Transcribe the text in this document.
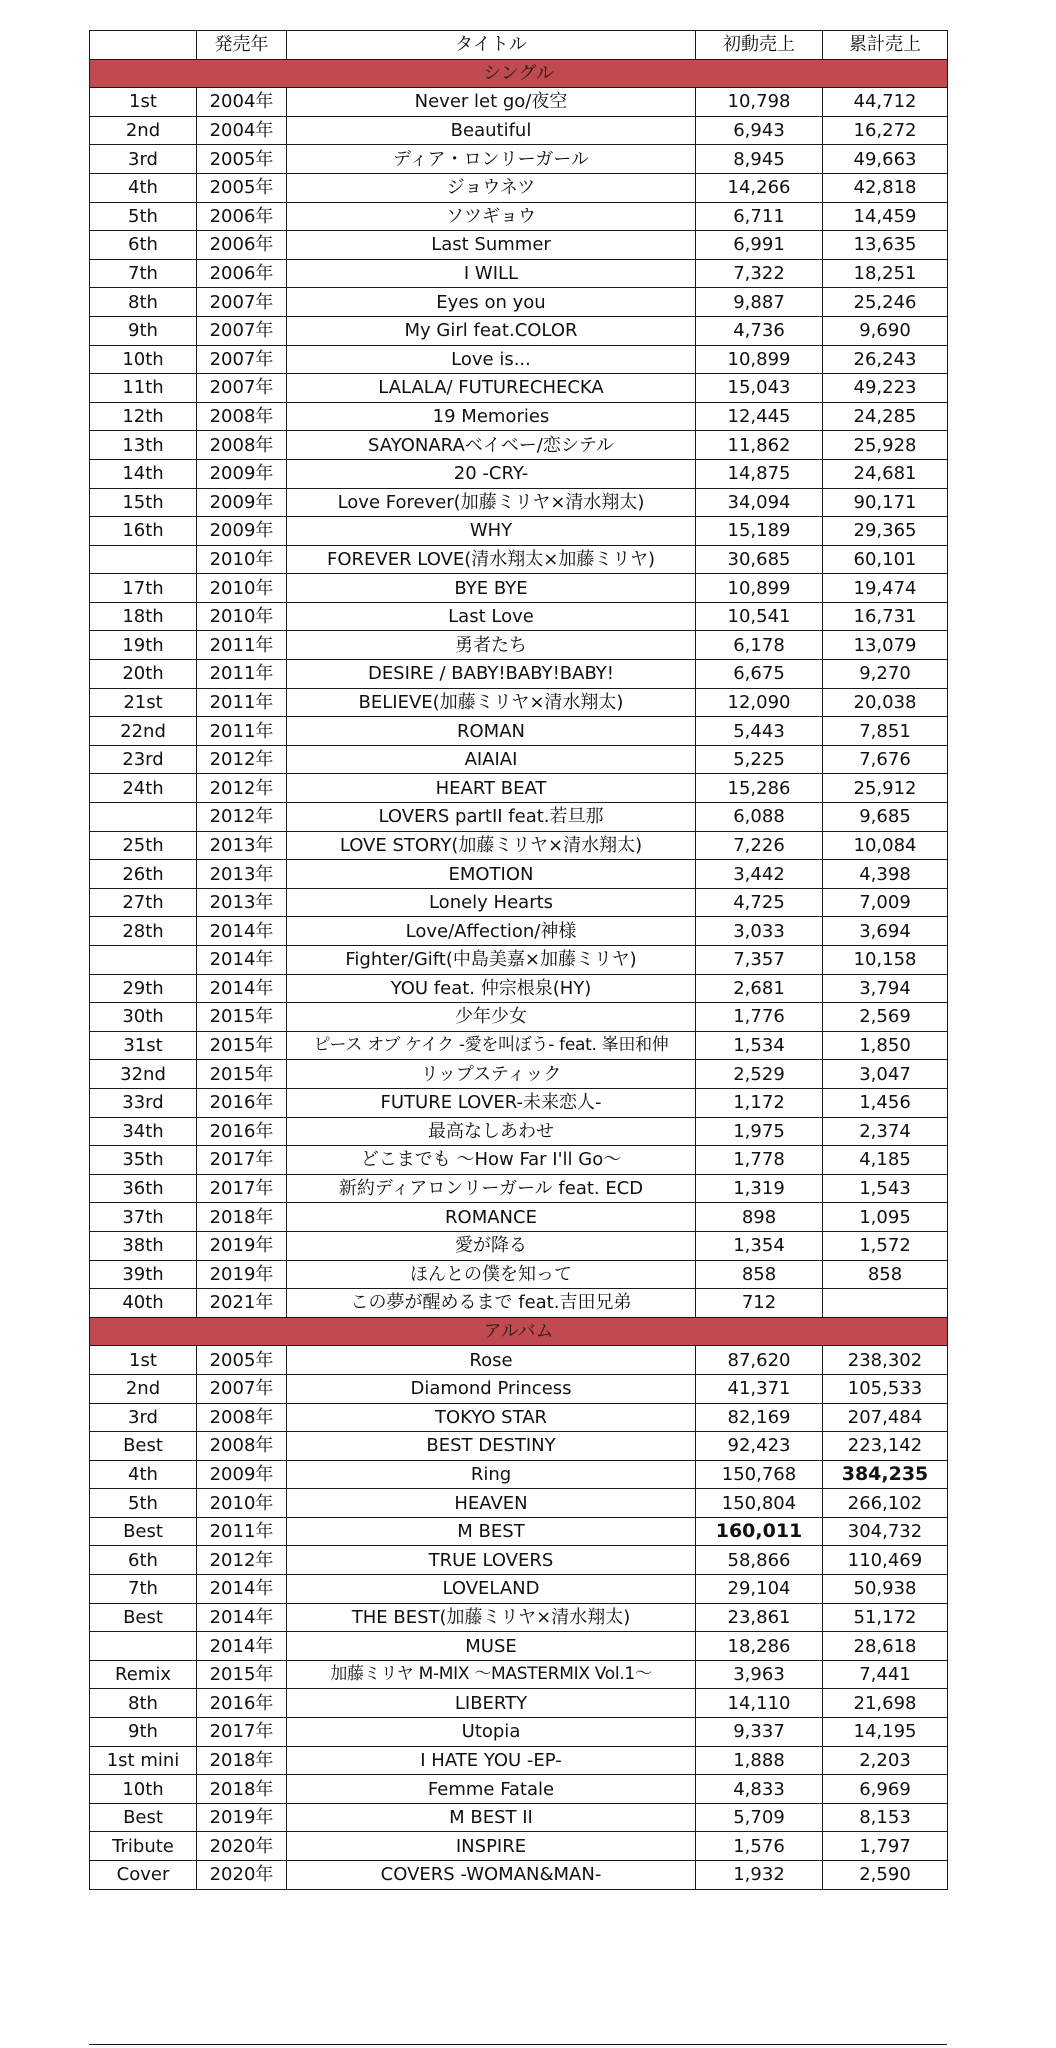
	発売年	タイトル	初動売上	累計売上
シングル				
1st	2004年	Never let go/夜空	10,798	44,712
2nd	2004年	Beautiful	6,943	16,272
3rd	2005年	ディア・ロンリーガール	8,945	49,663
4th	2005年	ジョウネツ	14,266	42,818
5th	2006年	ソツギョウ	6,711	14,459
6th	2006年	Last Summer	6,991	13,635
7th	2006年	I WILL	7,322	18,251
8th	2007年	Eyes on you	9,887	25,246
9th	2007年	My Girl feat.COLOR	4,736	9,690
10th	2007年	Love is...	10,899	26,243
11th	2007年	LALALA/ FUTURECHECKA	15,043	49,223
12th	2008年	19 Memories	12,445	24,285
13th	2008年	SAYONARAベイベー/恋シテル	11,862	25,928
14th	2009年	20 -CRY-	14,875	24,681
15th	2009年	Love Forever(加藤ミリヤ×清水翔太)	34,094	90,171
16th	2009年	WHY	15,189	29,365
	2010年	FOREVER LOVE(清水翔太×加藤ミリヤ)	30,685	60,101
17th	2010年	BYE BYE	10,899	19,474
18th	2010年	Last Love	10,541	16,731
19th	2011年	勇者たち	6,178	13,079
20th	2011年	DESIRE / BABY!BABY!BABY!	6,675	9,270
21st	2011年	BELIEVE(加藤ミリヤ×清水翔太)	12,090	20,038
22nd	2011年	ROMAN	5,443	7,851
23rd	2012年	AIAIAI	5,225	7,676
24th	2012年	HEART BEAT	15,286	25,912
	2012年	LOVERS partII feat.若旦那	6,088	9,685
25th	2013年	LOVE STORY(加藤ミリヤ×清水翔太)	7,226	10,084
26th	2013年	EMOTION	3,442	4,398
27th	2013年	Lonely Hearts	4,725	7,009
28th	2014年	Love/Affection/神様	3,033	3,694
	2014年	Fighter/Gift(中島美嘉×加藤ミリヤ)	7,357	10,158
29th	2014年	YOU feat. 仲宗根泉(HY)	2,681	3,794
30th	2015年	少年少女	1,776	2,569
31st	2015年	ピース オブ ケイク -愛を叫ぼう- feat. 峯田和伸	1,534	1,850
32nd	2015年	リップスティック	2,529	3,047
33rd	2016年	FUTURE LOVER-未来恋人-	1,172	1,456
34th	2016年	最高なしあわせ	1,975	2,374
35th	2017年	どこまでも 〜How Far I'll Go〜	1,778	4,185
36th	2017年	新約ディアロンリーガール feat. ECD	1,319	1,543
37th	2018年	ROMANCE	898	1,095
38th	2019年	愛が降る	1,354	1,572
39th	2019年	ほんとの僕を知って	858	858
40th	2021年	この夢が醒めるまで feat.吉田兄弟	712	
アルバム				
1st	2005年	Rose	87,620	238,302
2nd	2007年	Diamond Princess	41,371	105,533
3rd	2008年	TOKYO STAR	82,169	207,484
Best	2008年	BEST DESTINY	92,423	223,142
4th	2009年	Ring	150,768	384,235
5th	2010年	HEAVEN	150,804	266,102
Best	2011年	M BEST	160,011	304,732
6th	2012年	TRUE LOVERS	58,866	110,469
7th	2014年	LOVELAND	29,104	50,938
Best	2014年	THE BEST(加藤ミリヤ×清水翔太)	23,861	51,172
	2014年	MUSE	18,286	28,618
Remix	2015年	加藤ミリヤ M-MIX 〜MASTERMIX Vol.1〜	3,963	7,441
8th	2016年	LIBERTY	14,110	21,698
9th	2017年	Utopia	9,337	14,195
1st mini	2018年	I HATE YOU -EP-	1,888	2,203
10th	2018年	Femme Fatale	4,833	6,969
Best	2019年	M BEST II	5,709	8,153
Tribute	2020年	INSPIRE	1,576	1,797
Cover	2020年	COVERS -WOMAN&MAN-	1,932	2,590
